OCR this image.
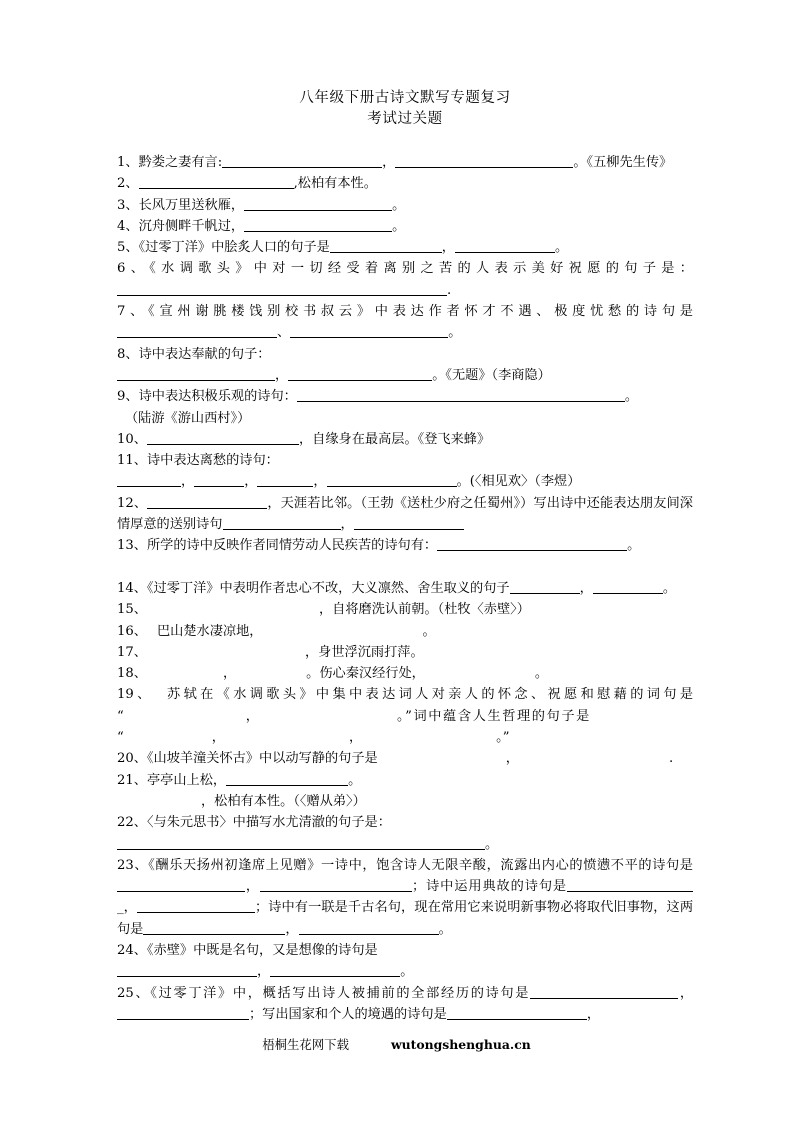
八年级下册古诗文默写专题复习
考试过关题
1、黔娄之妻有言:	，	。《五柳先生传》
2、	,松柏有本性。
3、长风万里送秋雁，	。
4、沉舟侧畔千帆过，	。
5、《过零丁洋》中脍炙人口的句子是	，	。
6、《水调歌头》中对一切经受着离别之苦的人表示美好祝愿的句子是：
.
7、《宣州谢朓楼饯别校书叔云》中表达作者怀才不遇、极度忧愁的诗句是
、	。
8、诗中表达奉献的句子：
，	。《无题》（李商隐）
9、诗中表达积极乐观的诗句：	。
（陆游《游山西村》）
10、	，自缘身在最高层。《登飞来蜂》
11、诗中表达离愁的诗句：
，	，	，	。(〈相见欢〉（李煜）
12、	，天涯若比邻。（王勃《送杜少府之任蜀州》）写出诗中还能表达朋友间深情厚意的送别诗句	，
13、所学的诗中反映作者同情劳动人民疾苦的诗句有：	。
14、《过零丁洋》中表明作者忠心不改，大义凛然、舍生取义的句子	，	。
15、	，自将磨洗认前朝。（杜牧〈赤壁〉）
16、 巴山楚水凄凉地，	。
17、	，身世浮沉雨打萍。
18、	，	。伤心秦汉经行处，	。
19、 苏轼在《水调歌头》中集中表达词人对亲人的怀念、祝愿和慰藉的词句是
“	，	。”词中蕴含人生哲理的句子是
“	，	，	。”
20、《山坡羊潼关怀古》中以动写静的句子是	，	.
21、亭亭山上松，	。
，松柏有本性。（〈赠从弟〉）
22、〈与朱元思书〉中描写水尤清澈的句子是：
。
23、《酬乐天扬州初逢席上见赠》一诗中，饱含诗人无限辛酸，流露出内心的愤懑不平的诗句是，	；诗中运用典故的诗句是_，	；诗中有一联是千古名句，现在常用它来说明新事物必将取代旧事物，这两句是	，	。
24、《赤壁》中既是名句，又是想像的诗句是
，	。
25、《过零丁洋》中，概括写出诗人被捕前的全部经历的诗句是	，；写出国家和个人的境遇的诗句是	，
梧桐生花网下载	wutongshenghua.cn
